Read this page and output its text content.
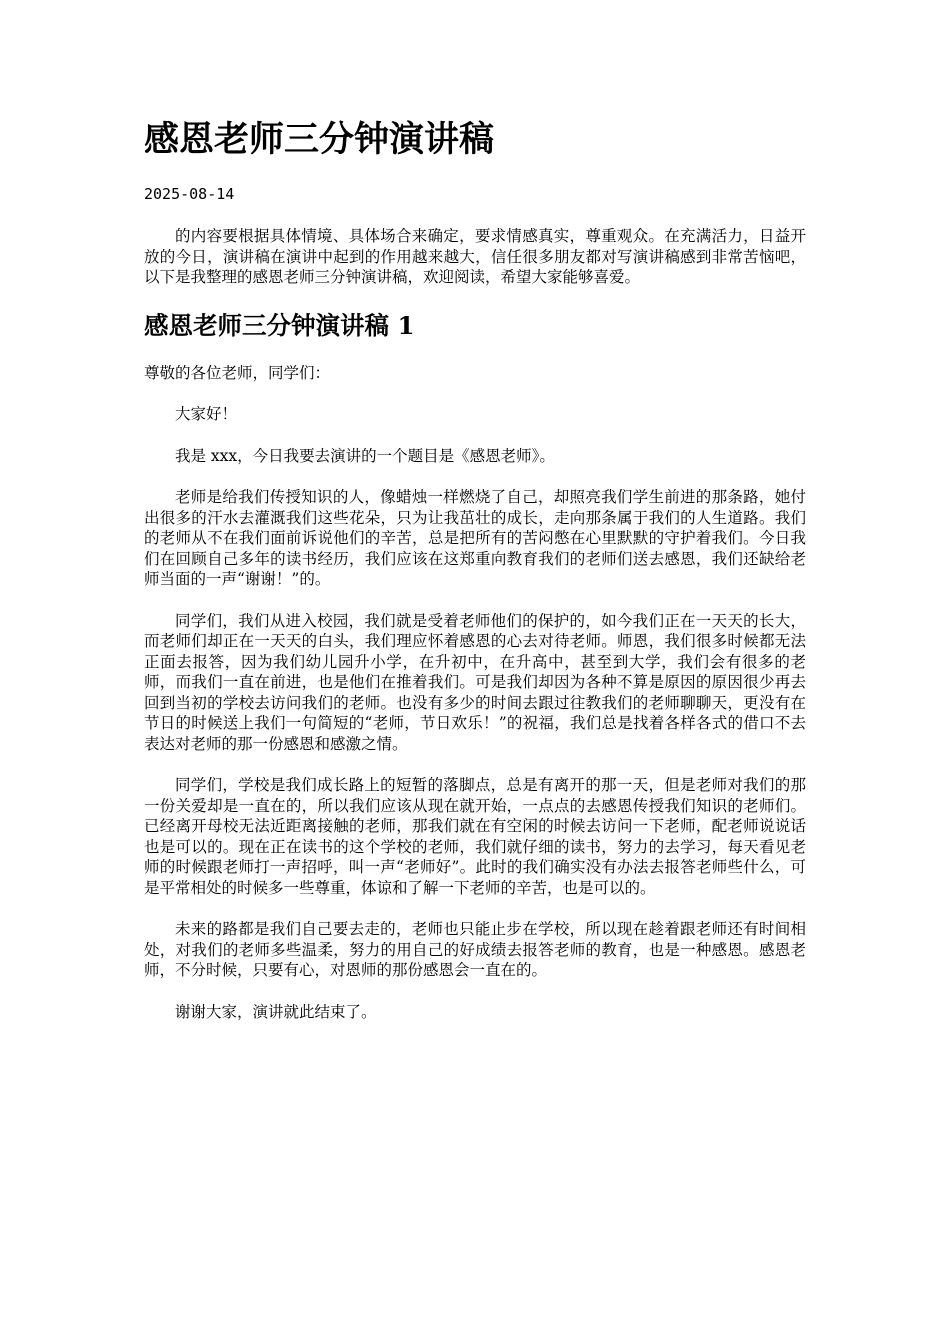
感恩老师三分钟演讲稿
2025-08-14

的内容要根据具体情境、具体场合来确定，要求情感真实，尊重观众。在充满活力，日益开放的今日，演讲稿在演讲中起到的作用越来越大，信任很多朋友都对写演讲稿感到非常苦恼吧，以下是我整理的感恩老师三分钟演讲稿，欢迎阅读，希望大家能够喜爱。

感恩老师三分钟演讲稿 1

尊敬的各位老师，同学们：

大家好！

我是 xxx，今日我要去演讲的一个题目是《感恩老师》。

老师是给我们传授知识的人，像蜡烛一样燃烧了自己，却照亮我们学生前进的那条路，她付出很多的汗水去灌溉我们这些花朵，只为让我茁壮的成长，走向那条属于我们的人生道路。我们的老师从不在我们面前诉说他们的辛苦，总是把所有的苦闷憋在心里默默的守护着我们。今日我们在回顾自己多年的读书经历，我们应该在这郑重向教育我们的老师们送去感恩，我们还缺给老师当面的一声“谢谢！”的。

同学们，我们从进入校园，我们就是受着老师他们的保护的，如今我们正在一天天的长大，而老师们却正在一天天的白头，我们理应怀着感恩的心去对待老师。师恩，我们很多时候都无法正面去报答，因为我们幼儿园升小学，在升初中，在升高中，甚至到大学，我们会有很多的老师，而我们一直在前进，也是他们在推着我们。可是我们却因为各种不算是原因的原因很少再去回到当初的学校去访问我们的老师。也没有多少的时间去跟过往教我们的老师聊聊天，更没有在节日的时候送上我们一句简短的“老师，节日欢乐！”的祝福，我们总是找着各样各式的借口不去表达对老师的那一份感恩和感激之情。

同学们，学校是我们成长路上的短暂的落脚点，总是有离开的那一天，但是老师对我们的那一份关爱却是一直在的，所以我们应该从现在就开始，一点点的去感恩传授我们知识的老师们。已经离开母校无法近距离接触的老师，那我们就在有空闲的时候去访问一下老师，配老师说说话也是可以的。现在正在读书的这个学校的老师，我们就仔细的读书，努力的去学习，每天看见老师的时候跟老师打一声招呼，叫一声“老师好”。此时的我们确实没有办法去报答老师些什么，可是平常相处的时候多一些尊重，体谅和了解一下老师的辛苦，也是可以的。

未来的路都是我们自己要去走的，老师也只能止步在学校，所以现在趁着跟老师还有时间相处，对我们的老师多些温柔，努力的用自己的好成绩去报答老师的教育，也是一种感恩。感恩老师，不分时候，只要有心，对恩师的那份感恩会一直在的。

谢谢大家，演讲就此结束了。
